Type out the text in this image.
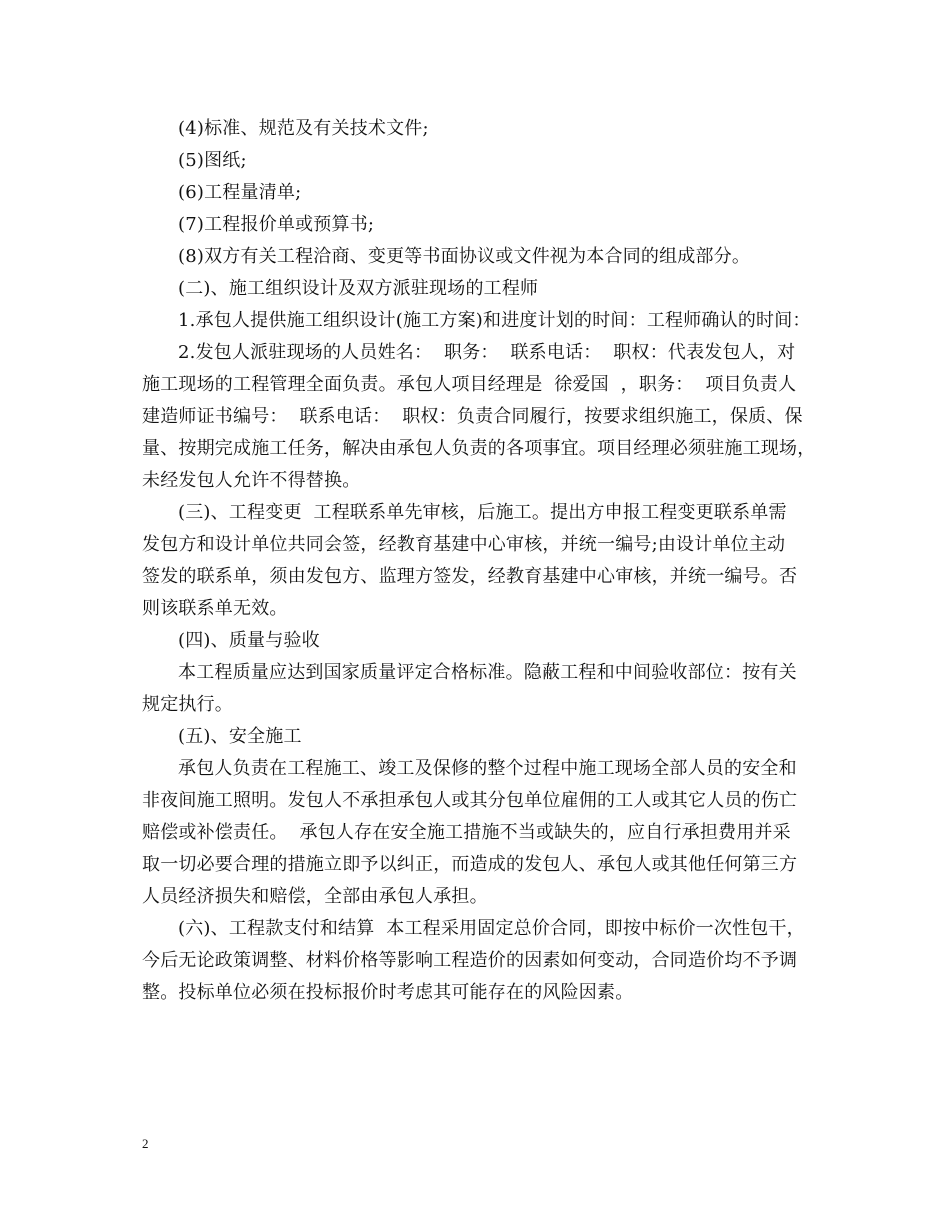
(4)标准、规范及有关技术文件;
(5)图纸;
(6)工程量清单;
(7)工程报价单或预算书;
(8)双方有关工程洽商、变更等书面协议或文件视为本合同的组成部分。
(二)、施工组织设计及双方派驻现场的工程师
1.承包人提供施工组织设计(施工方案)和进度计划的时间：工程师确认的时间：
2.发包人派驻现场的人员姓名：  职务：  联系电话：  职权：代表发包人，对
施工现场的工程管理全面负责。承包人项目经理是  徐爱国  ，职务：  项目负责人
建造师证书编号：  联系电话：  职权：负责合同履行，按要求组织施工，保质、保
量、按期完成施工任务，解决由承包人负责的各项事宜。项目经理必须驻施工现场，
未经发包人允许不得替换。
(三)、工程变更  工程联系单先审核，后施工。提出方申报工程变更联系单需
发包方和设计单位共同会签，经教育基建中心审核，并统一编号;由设计单位主动
签发的联系单，须由发包方、监理方签发，经教育基建中心审核，并统一编号。否
则该联系单无效。
(四)、质量与验收
本工程质量应达到国家质量评定合格标准。隐蔽工程和中间验收部位：按有关
规定执行。
(五)、安全施工
承包人负责在工程施工、竣工及保修的整个过程中施工现场全部人员的安全和
非夜间施工照明。发包人不承担承包人或其分包单位雇佣的工人或其它人员的伤亡
赔偿或补偿责任。  承包人存在安全施工措施不当或缺失的，应自行承担费用并采
取一切必要合理的措施立即予以纠正，而造成的发包人、承包人或其他任何第三方
人员经济损失和赔偿，全部由承包人承担。
(六)、工程款支付和结算  本工程采用固定总价合同，即按中标价一次性包干，
今后无论政策调整、材料价格等影响工程造价的因素如何变动，合同造价均不予调
整。投标单位必须在投标报价时考虑其可能存在的风险因素。
2
